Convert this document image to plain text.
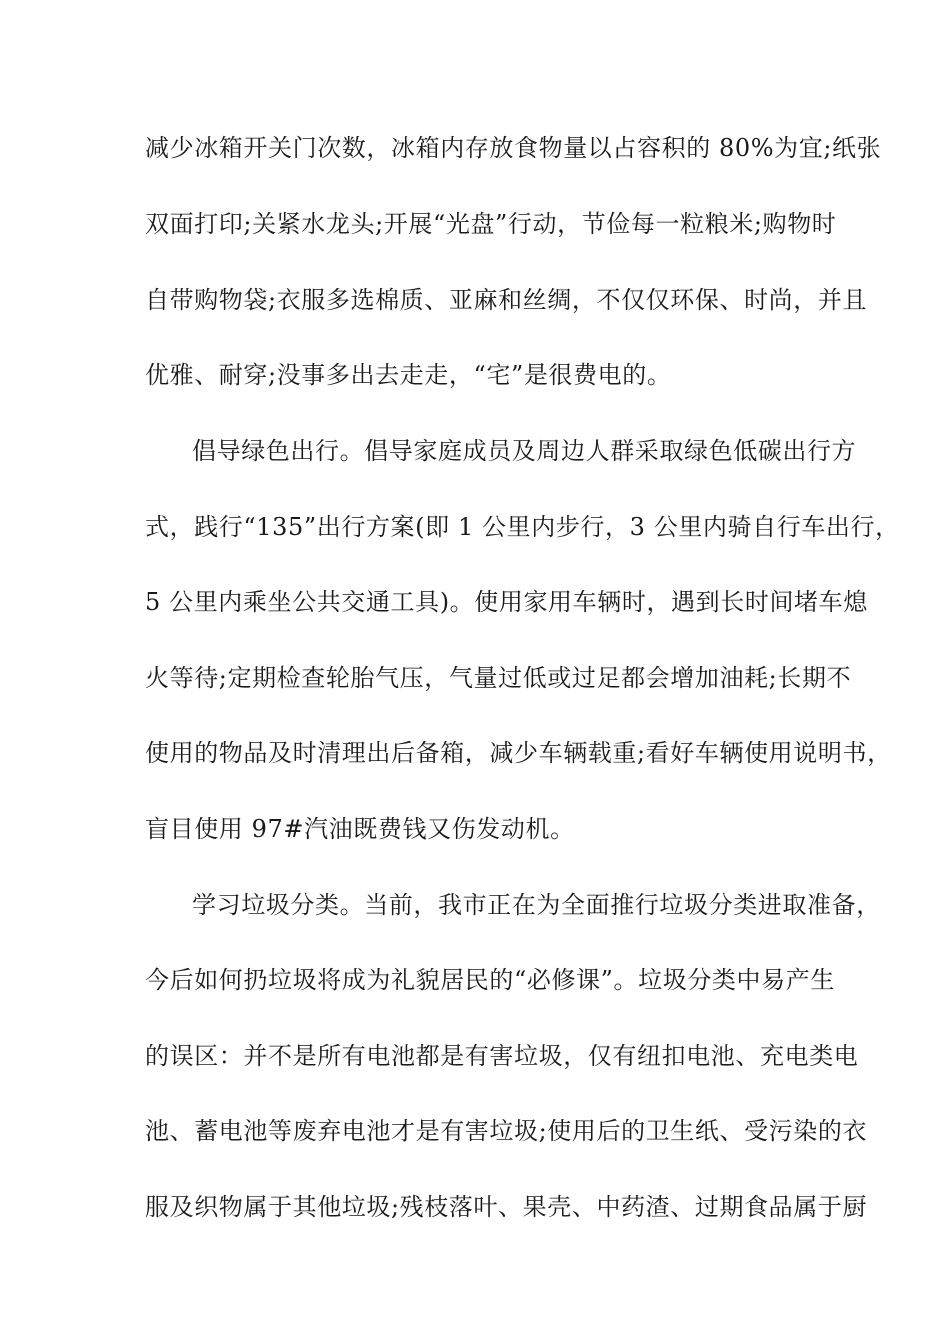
减少冰箱开关门次数，冰箱内存放食物量以占容积的 80%为宜;纸张
双面打印;关紧水龙头;开展“光盘”行动，节俭每一粒粮米;购物时
自带购物袋;衣服多选棉质、亚麻和丝绸，不仅仅环保、时尚，并且
优雅、耐穿;没事多出去走走，“宅”是很费电的。
倡导绿色出行。倡导家庭成员及周边人群采取绿色低碳出行方
式，践行“135”出行方案(即 1 公里内步行，3 公里内骑自行车出行，
5 公里内乘坐公共交通工具)。使用家用车辆时，遇到长时间堵车熄
火等待;定期检查轮胎气压，气量过低或过足都会增加油耗;长期不
使用的物品及时清理出后备箱，减少车辆载重;看好车辆使用说明书，
盲目使用 97#汽油既费钱又伤发动机。
学习垃圾分类。当前，我市正在为全面推行垃圾分类进取准备，
今后如何扔垃圾将成为礼貌居民的“必修课”。垃圾分类中易产生
的误区：并不是所有电池都是有害垃圾，仅有纽扣电池、充电类电
池、蓄电池等废弃电池才是有害垃圾;使用后的卫生纸、受污染的衣
服及织物属于其他垃圾;残枝落叶、果壳、中药渣、过期食品属于厨
